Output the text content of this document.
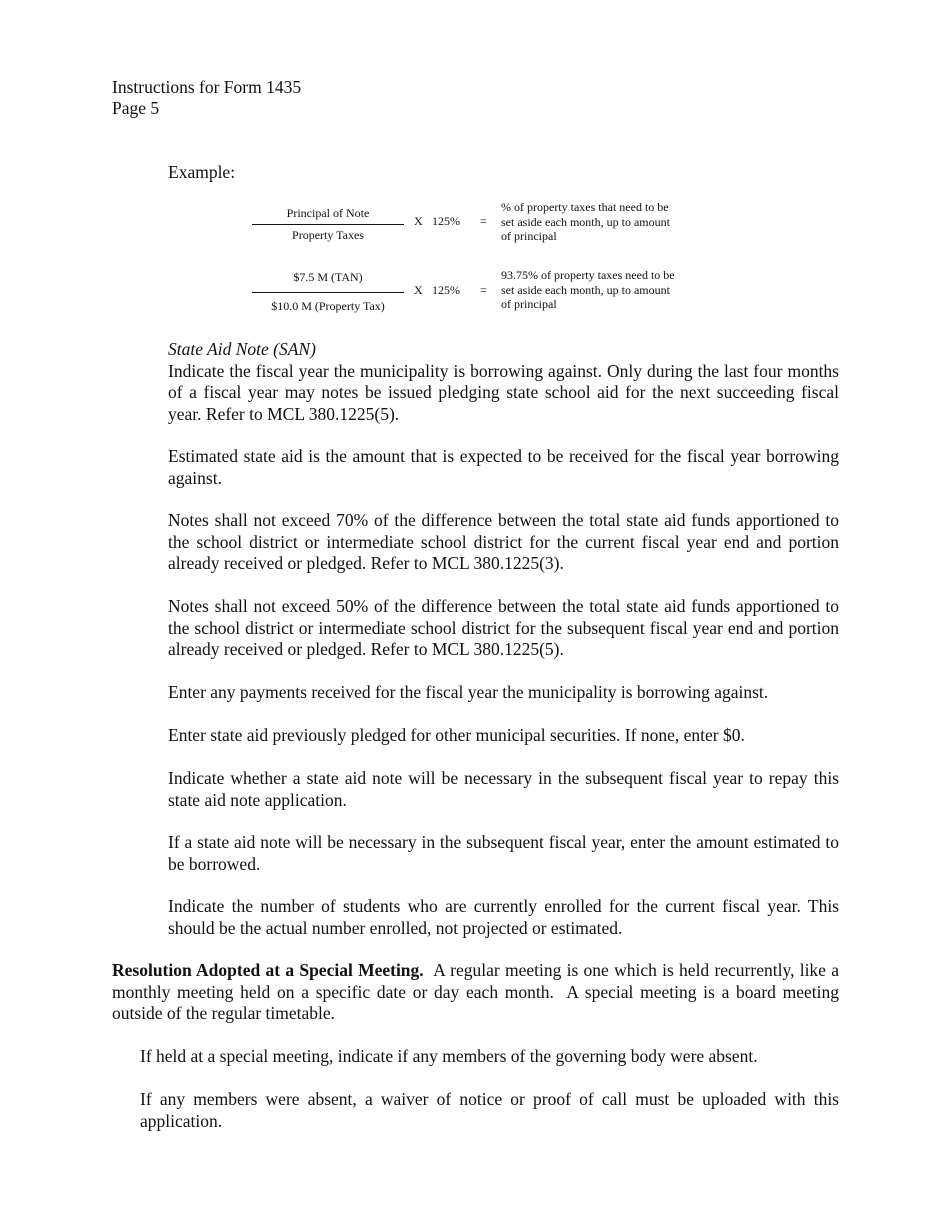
Instructions for Form 1435
Page 5
Example:
Principal of Note
Property Taxes
X 125% =
% of property taxes that need to be
set aside each month, up to amount
of principal
$7.5 M (TAN)
$10.0 M (Property Tax)
X 125% =
93.75% of property taxes need to be
set aside each month, up to amount
of principal

State Aid Note (SAN)

Indicate the fiscal year the municipality is borrowing against. Only during the last four months of a fiscal year may notes be issued pledging state school aid for the next succeeding fiscal year. Refer to MCL 380.1225(5).

Estimated state aid is the amount that is expected to be received for the fiscal year borrowing against.

Notes shall not exceed 70% of the difference between the total state aid funds apportioned to the school district or intermediate school district for the current fiscal year end and portion already received or pledged. Refer to MCL 380.1225(3).

Notes shall not exceed 50% of the difference between the total state aid funds apportioned to the school district or intermediate school district for the subsequent fiscal year end and portion already received or pledged. Refer to MCL 380.1225(5).

Enter any payments received for the fiscal year the municipality is borrowing against.

Enter state aid previously pledged for other municipal securities. If none, enter $0.

Indicate whether a state aid note will be necessary in the subsequent fiscal year to repay this state aid note application.

If a state aid note will be necessary in the subsequent fiscal year, enter the amount estimated to be borrowed.

Indicate the number of students who are currently enrolled for the current fiscal year. This should be the actual number enrolled, not projected or estimated.

Resolution Adopted at a Special Meeting.  A regular meeting is one which is held recurrently, like a monthly meeting held on a specific date or day each month.  A special meeting is a board meeting outside of the regular timetable.

If held at a special meeting, indicate if any members of the governing body were absent.

If any members were absent, a waiver of notice or proof of call must be uploaded with this application.
